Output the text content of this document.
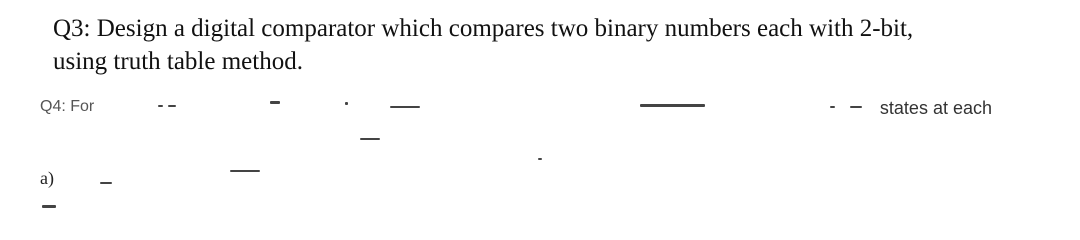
Q3: Design a digital comparator which compares two binary numbers each with 2-bit,
using truth table method.
Q4: For	states at each
a)
